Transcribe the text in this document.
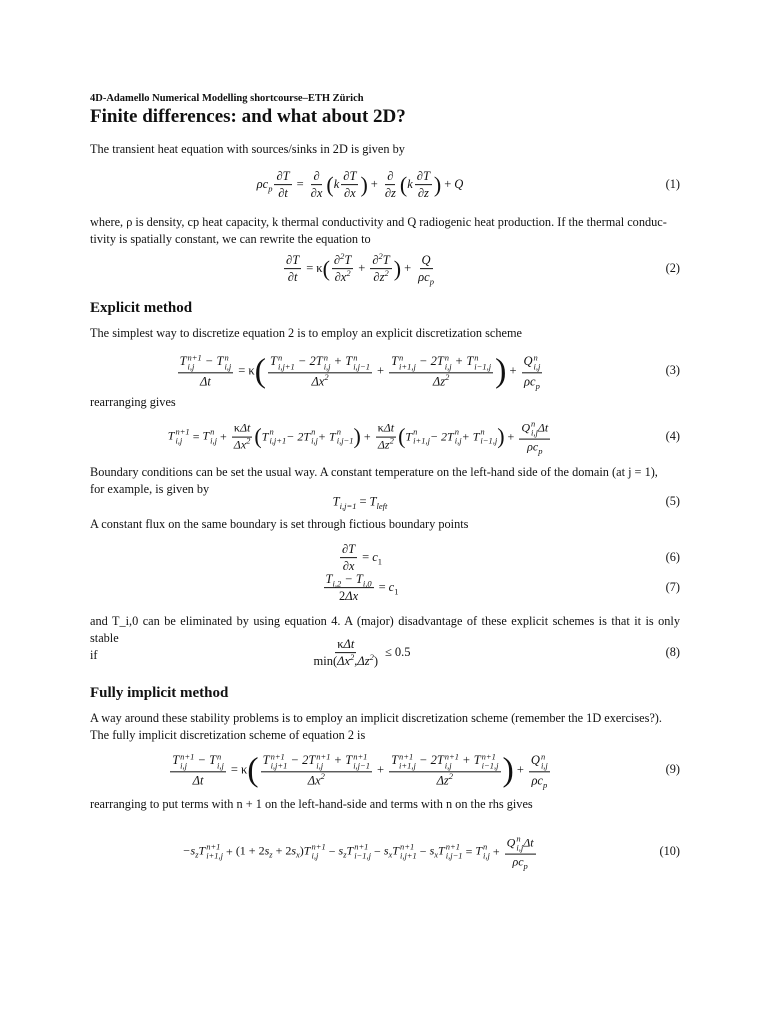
4D-Adamello Numerical Modelling shortcourse–ETH Zürich
Finite differences: and what about 2D?

The transient heat equation with sources/sinks in 2D is given by

$\rho c_p \frac{\partial T}{\partial t} = \frac{\partial}{\partial x}$ ( k $\frac{\partial T}{\partial x}$ ) + $\frac{\partial}{\partial z}$ ( k $\frac{\partial T}{\partial z}$ ) + Q	(1)

where, ρ is density, cp heat capacity, k thermal conductivity and Q radiogenic heat production. If the thermal conduc-
tivity is spatially constant, we can rewrite the equation to

$\frac{\partial T}{\partial t} = \kappa$ ( $\frac{\partial^2T}{\partial x^2} + \frac{\partial^2T}{\partial z^2}$ ) + $\frac{Q}{\rho c_p}$	(2)
Explicit method

The simplest way to discretize equation 2 is to employ an explicit discretization scheme

T n+1
i,j − T n
i,j
Δt = κ ( T n
i,j+1 − 2T n
i,j + T n
i,j−1
$\Delta x^2 + T$ n
i+1,j − 2T n
i,j + T n
i−1,j
$\Delta z^2$ ) + Q n
i,j
$\rho c_p$	(3)

rearranging gives

T n+1
i,j = T n
$i,j + \frac{\text{κΔt}}{\Delta x^2}$ ( T n
i,j+1 − 2T n
i,j + T n
i,j−1 ) + $\frac{\text{κΔt}}{\Delta z^2}$ ( T n
i+1,j − 2T n
i,j + T n
i−1,j ) + Q n
i,j Δt
$\rho c_p$	(4)

Boundary conditions can be set the usual way. A constant temperature on the left-hand side of the domain (at j = 1),
for example, is given by

$T_{i,j=1} = T_{left}$	(5)

A constant flux on the same boundary is set through fictious boundary points

$\frac{\partial T}{\partial x} = c_1$	(6)
$\frac{T_{i,2} - T_{i,0}}{2\Delta x} = c_1$	(7)

and T_i,0 can be eliminated by using equation 4. A (major) disadvantage of these explicit schemes is that it is only stable
if	$\frac{\text{κΔt}}{\min(\Delta x^2,\Delta z^2)} \le 0.5$	(8)
Fully implicit method

A way around these stability problems is to employ an implicit discretization scheme (remember the 1D exercises?).
The fully implicit discretization scheme of equation 2 is

T n+1
i,j − T n
i,j
Δt = κ ( T n+1
i,j+1 − 2T n+1
i,j + T n+1
i,j−1
$\Delta x^2 + T$ n+1
i+1,j − 2T n+1
i,j + T n+1
i−1,j
$\Delta z^2$ ) + Q n
i,j
$\rho c_p$	(9)

rearranging to put terms with n + 1 on the left-hand-side and terms with n on the rhs gives

$-s_zT$ n+1
$i+1,j + (1 + 2s_z + 2s_x)T$ n+1
$i,j - s_zT$ n+1
$i-1,j - s_xT$ n+1
$i,j+1 - s_xT$ n+1
i,j−1 = T n
i,j + Q n
i,j Δt
$\rho c_p$	(10)
